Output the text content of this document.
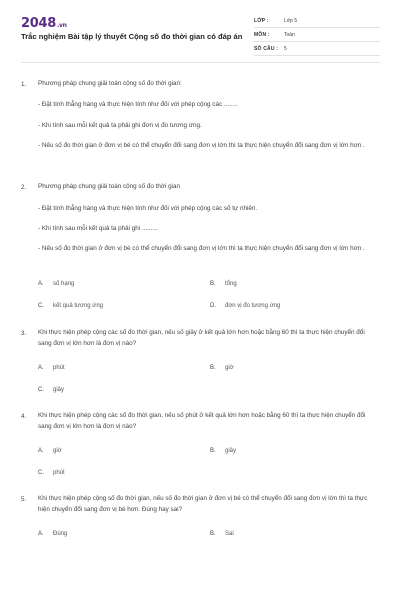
2048.vn
Trắc nghiệm Bài tập lý thuyết Cộng số đo thời gian có đáp án
LỚP :	Lớp 5
MÔN :	Toán
SỐ CÂU : 5
1. Phương pháp chung giải toán cộng số đo thời gian:
- Đặt tính thẳng hàng và thực hiện tính như đối với phép cộng các ........
- Khi tính sau mỗi kết quả ta phải ghi đơn vị đo tương ứng.
- Nếu số đo thời gian ở đơn vị bé có thể chuyển đổi sang đơn vị lớn thì ta thực hiện chuyển đổi sang đơn vị lớn hơn .
2. Phương pháp chung giải toán cộng số đo thời gian
- Đặt tính thẳng hàng và thực hiện tính như đối với phép cộng các số tự nhiên.
- Khi tính sau mỗi kết quả ta phải ghi .........
- Nếu số đo thời gian ở đơn vị bé có thể chuyển đổi sang đơn vị lớn thì ta thực hiện chuyển đổi sang đơn vị lớn hơn .
A. số hạng	B. tổng
C. kết quả tương ứng	D. đơn vị đo tương ứng
3. Khi thực hiện phép cộng các số đo thời gian, nếu số giây ở kết quả lớn hơn hoặc bằng 60 thì ta thực hiện chuyển đổi sang đơn vị lớn hơn là đơn vị nào?
A. phút	B. giờ
C. giây
4. Khi thực hiện phép cộng các số đo thời gian, nếu số phút ở kết quả lớn hơn hoặc bằng 60 thì ta thực hiện chuyển đổi sang đơn vị lớn hơn là đơn vị nào?
A. giờ	B. giây
C. phút
5. Khi thực hiện phép cộng số đo thời gian, nếu số đo thời gian ở đơn vị bé có thể chuyển đổi sang đơn vị lớn thì ta thực hiện chuyển đổi sang đơn vị bé hơn. Đúng hay sai?
A. Đúng	B. Sai
